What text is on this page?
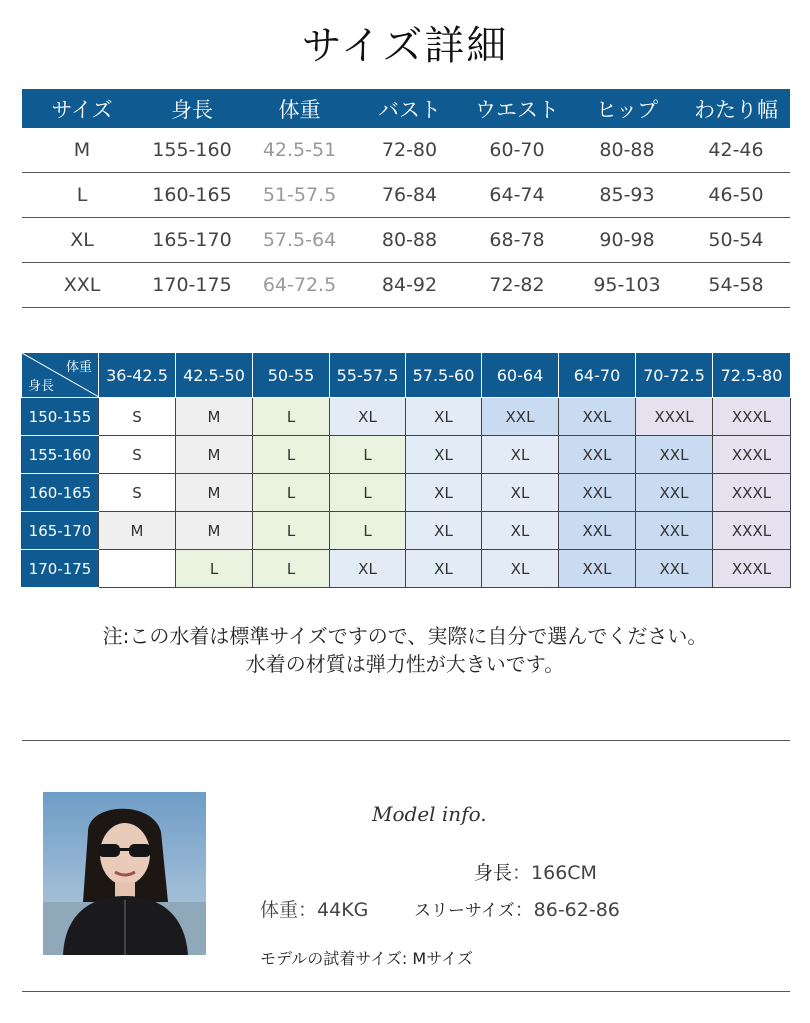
サイズ詳細
サイズ	身長	体重	バスト	ウエスト	ヒップ	わたり幅
M	155-160	42.5-51	72-80	60-70	80-88	42-46
L	160-165	51-57.5	76-84	64-74	85-93	46-50
XL	165-170	57.5-64	80-88	68-78	90-98	50-54
XXL	170-175	64-72.5	84-92	72-82	95-103	54-58
体重
身長	36-42.5	42.5-50	50-55	55-57.5	57.5-60	60-64	64-70	70-72.5	72.5-80
150-155	S	M	L	XL	XL	XXL	XXL	XXXL	XXXL
155-160	S	M	L	L	XL	XL	XXL	XXL	XXXL
160-165	S	M	L	L	XL	XL	XXL	XXL	XXXL
165-170	M	M	L	L	XL	XL	XXL	XXL	XXXL
170-175		L	L	XL	XL	XL	XXL	XXL	XXXL
注:この水着は標準サイズですので、実際に自分で選んでください。
水着の材質は弾力性が大きいです。
Model info.
身長：166CM
体重：44KG	スリーサイズ：86-62-86
モデルの試着サイズ: Mサイズ
